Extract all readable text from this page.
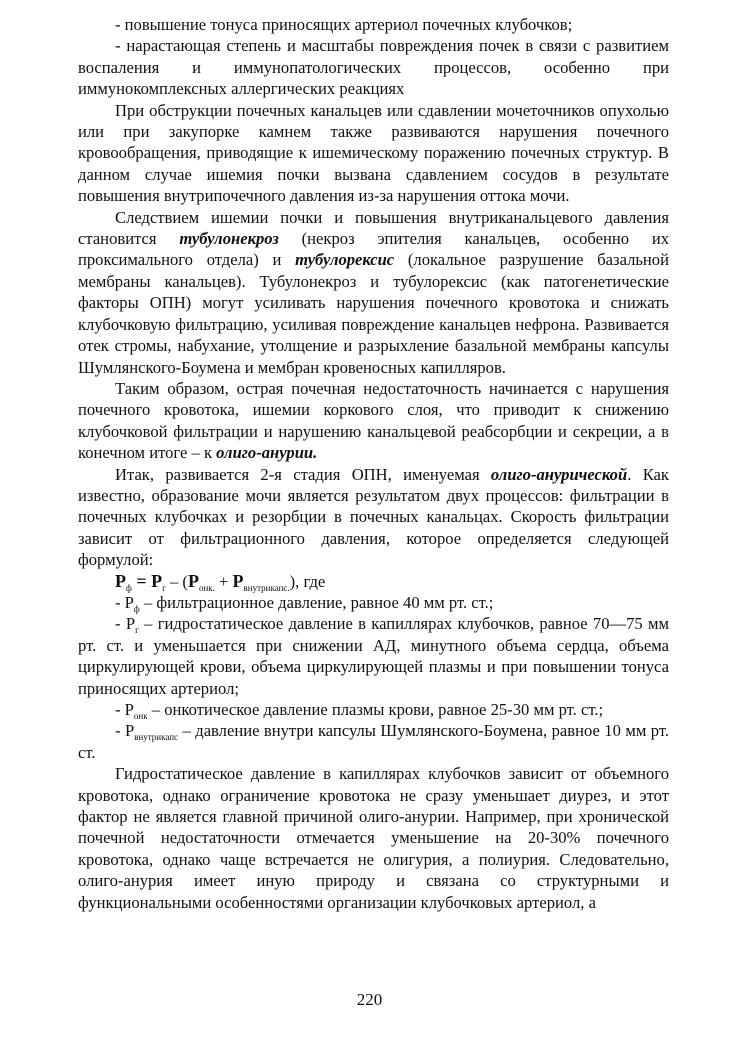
- повышение тонуса приносящих артериол почечных клубочков;

- нарастающая степень и масштабы повреждения почек в связи с развитием воспаления и иммунопатологических процессов, особенно при иммунокомплексных аллергических реакциях

При обструкции почечных канальцев или сдавлении мочеточников опухолью или при закупорке камнем также развиваются нарушения почечного кровообращения, приводящие к ишемическому поражению почечных структур. В данном случае ишемия почки вызвана сдавлением сосудов в результате повышения внутрипочечного давления из-за нарушения оттока мочи.

Следствием ишемии почки и повышения внутриканальцевого давления становится тубулонекроз (некроз эпителия канальцев, особенно их проксимального отдела) и тубулорексис (локальное разрушение базальной мембраны канальцев). Тубулонекроз и тубулорексис (как патогенетические факторы ОПН) могут усиливать нарушения почечного кровотока и снижать клубочковую фильтрацию, усиливая повреждение канальцев нефрона. Развивается отек стромы, набухание, утолщение и разрыхление базальной мембраны капсулы Шумлянского-Боумена и мембран кровеносных капилляров.

Таким образом, острая почечная недостаточность начинается с нарушения почечного кровотока, ишемии коркового слоя, что приводит к снижению клубочковой фильтрации и нарушению канальцевой реабсорбции и секреции, а в конечном итоге – к олиго-анурии.

Итак, развивается 2-я стадия ОПН, именуемая олиго-анурической. Как известно, образование мочи является результатом двух процессов: фильтрации в почечных клубочках и резорбции в почечных канальцах. Скорость фильтрации зависит от фильтрационного давления, которое определяется следующей формулой:

$Р_ф = Р_г - (Р_{онк.} + Р_{внутрикапс.})$, где

- $Р_ф$ – фильтрационное давление, равное 40 мм рт. ст.;

- $Р_г$ – гидростатическое давление в капиллярах клубочков, равное 70—75 мм рт. ст. и уменьшается при снижении АД, минутного объема сердца, объема циркулирующей крови, объема циркулирующей плазмы и при повышении тонуса приносящих артериол;

- $Р_{онк}$ – онкотическое давление плазмы крови, равное 25-30 мм рт. ст.;

- $Р_{внутрикапс}$ – давление внутри капсулы Шумлянского-Боумена, равное 10 мм рт. ст.

Гидростатическое давление в капиллярах клубочков зависит от объемного кровотока, однако ограничение кровотока не сразу уменьшает диурез, и этот фактор не является главной причиной олиго-анурии. Например, при хронической почечной недостаточности отмечается уменьшение на 20-30% почечного кровотока, однако чаще встречается не олигурия, а полиурия. Следовательно, олиго-анурия имеет иную природу и связана со структурными и функциональными особенностями организации клубочковых артериол, а

220
